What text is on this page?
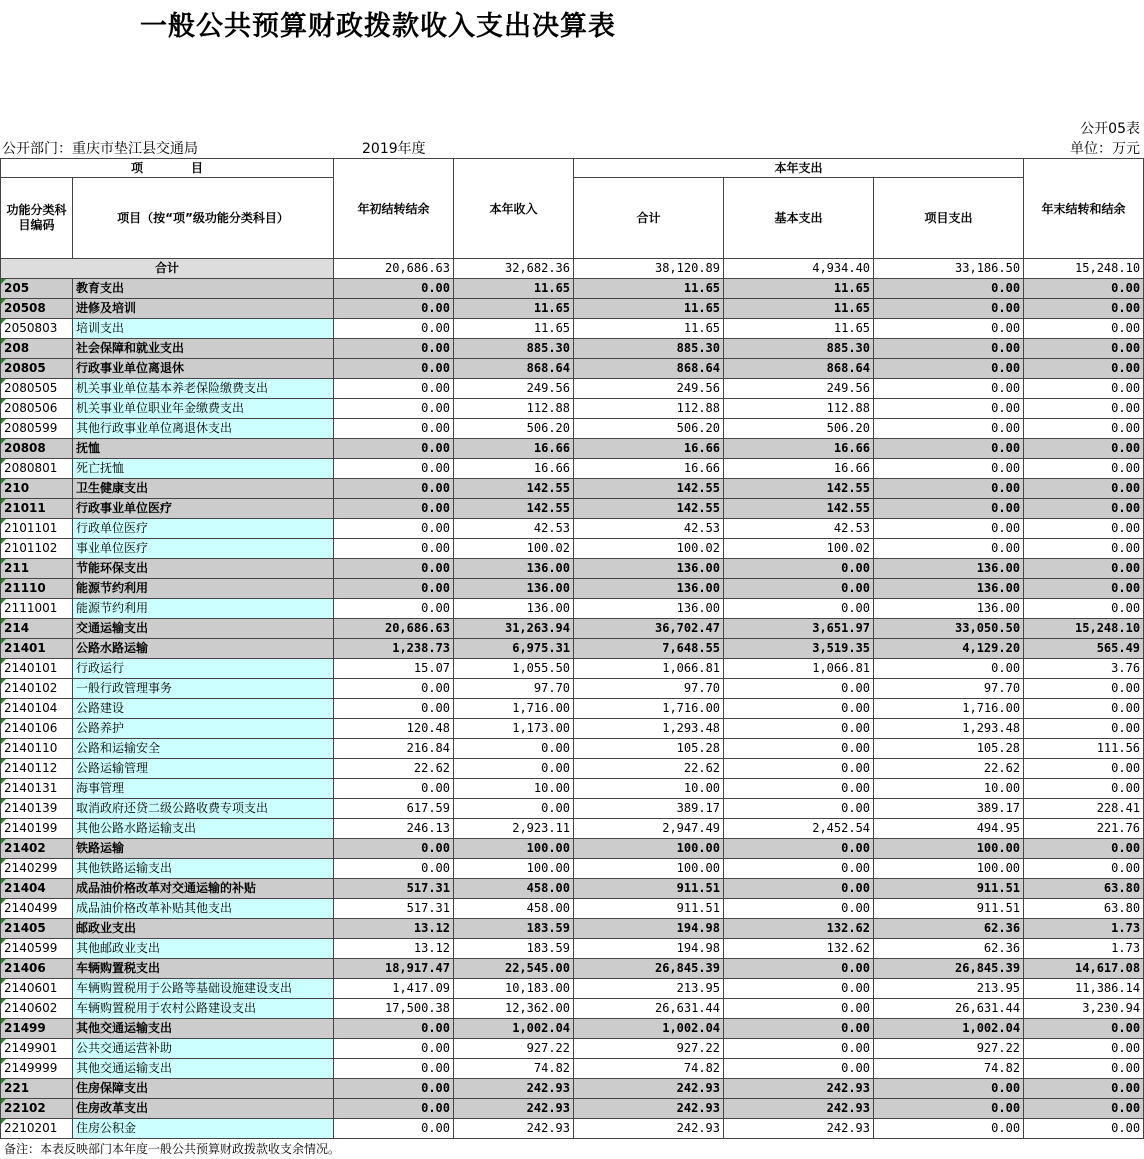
一般公共预算财政拨款收入支出决算表
公开05表
公开部门：重庆市垫江县交通局	2019年度	单位：万元
项　　　　目		年初结转结余	本年收入	本年支出			年末结转和结余
功能分类科目编码	项目（按“项”级功能分类科目）			合计	基本支出	项目支出	
合计		20,686.63	32,682.36	38,120.89	4,934.40	33,186.50	15,248.10
205	教育支出	0.00	11.65	11.65	11.65	0.00	0.00
20508	进修及培训	0.00	11.65	11.65	11.65	0.00	0.00
2050803	培训支出	0.00	11.65	11.65	11.65	0.00	0.00
208	社会保障和就业支出	0.00	885.30	885.30	885.30	0.00	0.00
20805	行政事业单位离退休	0.00	868.64	868.64	868.64	0.00	0.00
2080505	机关事业单位基本养老保险缴费支出	0.00	249.56	249.56	249.56	0.00	0.00
2080506	机关事业单位职业年金缴费支出	0.00	112.88	112.88	112.88	0.00	0.00
2080599	其他行政事业单位离退休支出	0.00	506.20	506.20	506.20	0.00	0.00
20808	抚恤	0.00	16.66	16.66	16.66	0.00	0.00
2080801	死亡抚恤	0.00	16.66	16.66	16.66	0.00	0.00
210	卫生健康支出	0.00	142.55	142.55	142.55	0.00	0.00
21011	行政事业单位医疗	0.00	142.55	142.55	142.55	0.00	0.00
2101101	行政单位医疗	0.00	42.53	42.53	42.53	0.00	0.00
2101102	事业单位医疗	0.00	100.02	100.02	100.02	0.00	0.00
211	节能环保支出	0.00	136.00	136.00	0.00	136.00	0.00
21110	能源节约利用	0.00	136.00	136.00	0.00	136.00	0.00
2111001	能源节约利用	0.00	136.00	136.00	0.00	136.00	0.00
214	交通运输支出	20,686.63	31,263.94	36,702.47	3,651.97	33,050.50	15,248.10
21401	公路水路运输	1,238.73	6,975.31	7,648.55	3,519.35	4,129.20	565.49
2140101	行政运行	15.07	1,055.50	1,066.81	1,066.81	0.00	3.76
2140102	一般行政管理事务	0.00	97.70	97.70	0.00	97.70	0.00
2140104	公路建设	0.00	1,716.00	1,716.00	0.00	1,716.00	0.00
2140106	公路养护	120.48	1,173.00	1,293.48	0.00	1,293.48	0.00
2140110	公路和运输安全	216.84	0.00	105.28	0.00	105.28	111.56
2140112	公路运输管理	22.62	0.00	22.62	0.00	22.62	0.00
2140131	海事管理	0.00	10.00	10.00	0.00	10.00	0.00
2140139	取消政府还贷二级公路收费专项支出	617.59	0.00	389.17	0.00	389.17	228.41
2140199	其他公路水路运输支出	246.13	2,923.11	2,947.49	2,452.54	494.95	221.76
21402	铁路运输	0.00	100.00	100.00	0.00	100.00	0.00
2140299	其他铁路运输支出	0.00	100.00	100.00	0.00	100.00	0.00
21404	成品油价格改革对交通运输的补贴	517.31	458.00	911.51	0.00	911.51	63.80
2140499	成品油价格改革补贴其他支出	517.31	458.00	911.51	0.00	911.51	63.80
21405	邮政业支出	13.12	183.59	194.98	132.62	62.36	1.73
2140599	其他邮政业支出	13.12	183.59	194.98	132.62	62.36	1.73
21406	车辆购置税支出	18,917.47	22,545.00	26,845.39	0.00	26,845.39	14,617.08
2140601	车辆购置税用于公路等基础设施建设支出	1,417.09	10,183.00	213.95	0.00	213.95	11,386.14
2140602	车辆购置税用于农村公路建设支出	17,500.38	12,362.00	26,631.44	0.00	26,631.44	3,230.94
21499	其他交通运输支出	0.00	1,002.04	1,002.04	0.00	1,002.04	0.00
2149901	公共交通运营补助	0.00	927.22	927.22	0.00	927.22	0.00
2149999	其他交通运输支出	0.00	74.82	74.82	0.00	74.82	0.00
221	住房保障支出	0.00	242.93	242.93	242.93	0.00	0.00
22102	住房改革支出	0.00	242.93	242.93	242.93	0.00	0.00
2210201	住房公积金	0.00	242.93	242.93	242.93	0.00	0.00
备注：本表反映部门本年度一般公共预算财政拨款收支余情况。
